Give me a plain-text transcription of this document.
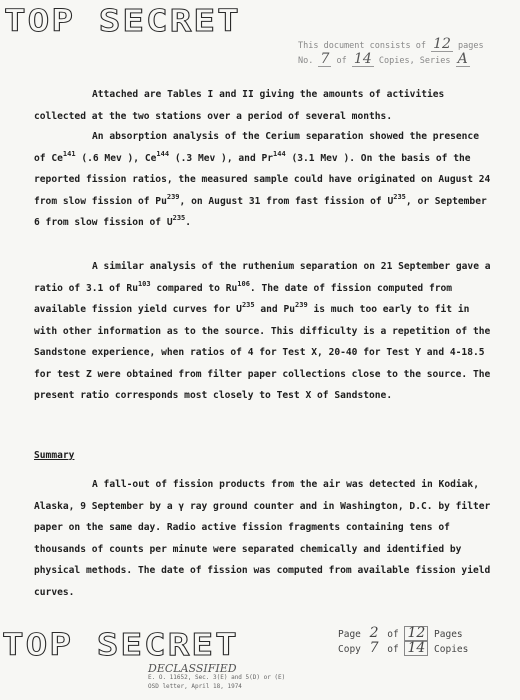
TOP SECRET
This document consists of 12 pages
No. 7 of 14 Copies, Series A

Attached are Tables I and II giving the amounts of activities collected at the two stations over a period of several months.

An absorption analysis of the Cerium separation showed the presence of Ce$^{141}$ (.6 Mev ), Ce$^{144}$ (.3 Mev ), and Pr$^{144}$ (3.1 Mev ). On the basis of the reported fission ratios, the measured sample could have originated on August 24 from slow fission of Pu$^{239}$, on August 31 from fast fission of $U^{235}$, or September 6 from slow fission of $U^{235}$.

A similar analysis of the ruthenium separation on 21 September gave a ratio of 3.1 of Ru$^{103}$ compared to Ru$^{106}$. The date of fission computed from available fission yield curves for $U^{235}$ and Pu$^{239}$ is much too early to fit in with other information as to the source. This difficulty is a repetition of the Sandstone experience, when ratios of 4 for Test X, 20-40 for Test Y and 4-18.5 for test Z were obtained from filter paper collections close to the source. The present ratio corresponds most closely to Test X of Sandstone.

Summary

A fall-out of fission products from the air was detected in Kodiak, Alaska, 9 September by a γ ray ground counter and in Washington, D.C. by filter paper on the same day. Radio active fission fragments containing tens of thousands of counts per minute were separated chemically and identified by physical methods. The date of fission was computed from available fission yield curves.

TOP SECRET
DECLASSIFIED
E. O. 11652, Sec. 3(E) and 5(D) or (E)
OSD letter, April 18, 1974
Page 2 of 12 Pages
Copy 7 of 14 Copies
